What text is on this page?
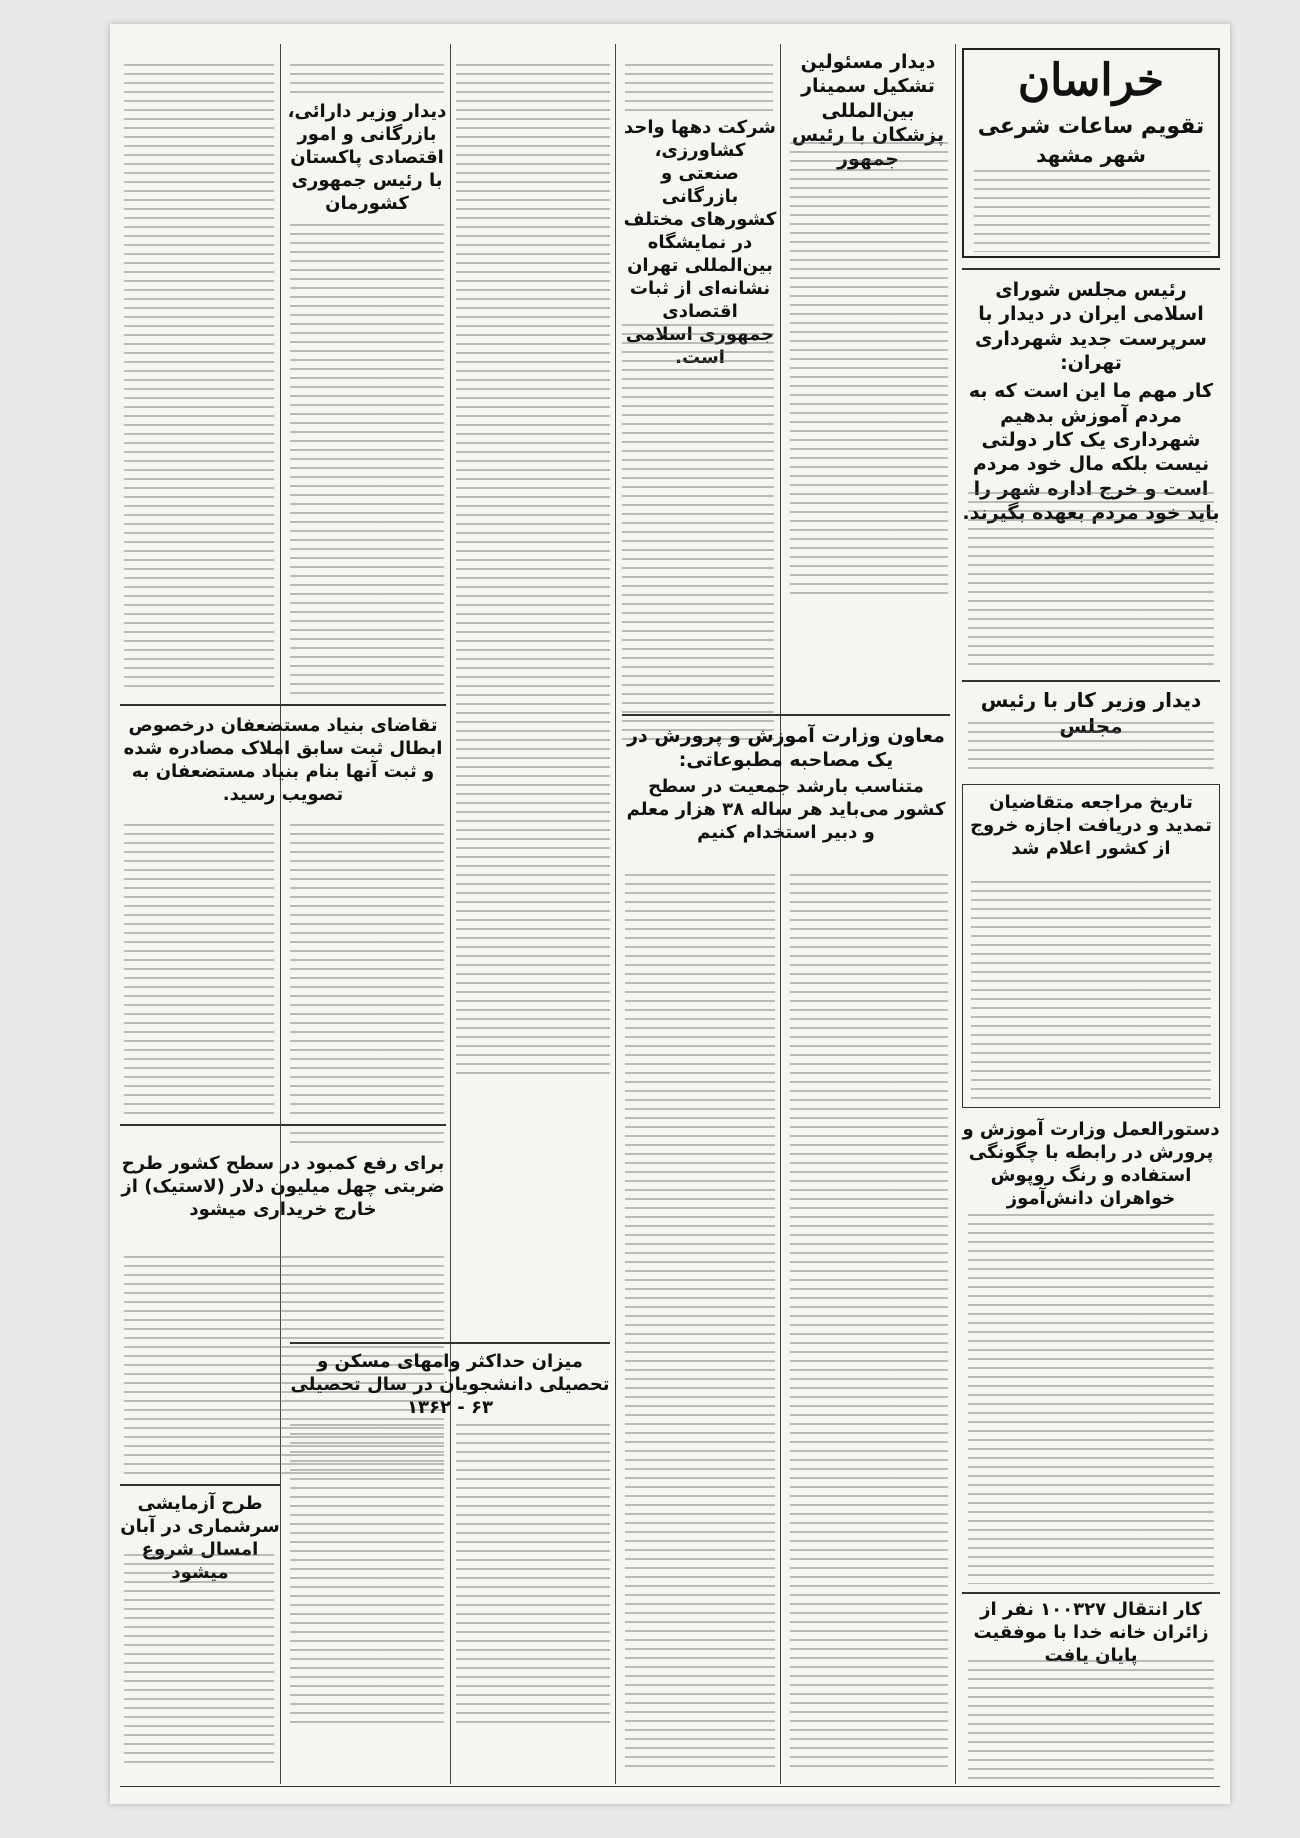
خراسان
تقویم ساعات شرعی
شهر مشهد
دیدار مسئولین تشکیل سمینار بین‌المللی پزشکان با رئیس جمهور
شرکت دهها واحد کشاورزی، صنعتی و بازرگانی کشورهای مختلف در نمایشگاه بین‌المللی تهران نشانه‌ای از ثبات اقتصادی جمهوری اسلامی است.
دیدار وزیر دارائی، بازرگانی و امور اقتصادی پاکستان با رئیس جمهوری کشورمان
رئیس مجلس شورای اسلامی ایران در دیدار با سرپرست جدید شهرداری تهران:
کار مهم ما این است که به مردم آموزش بدهیم شهرداری یک کار دولتی نیست بلکه مال خود مردم است و خرج اداره شهر را باید خود مردم بعهده بگیرند.
دیدار وزیر کار با رئیس مجلس
تاریخ مراجعه متقاضیان تمدید و دریافت اجازه خروج از کشور اعلام شد
دستورالعمل وزارت آموزش و پرورش در رابطه با چگونگی استفاده و رنگ روپوش خواهران دانش‌آموز
کار انتقال ۱۰۰۳۲۷ نفر از زائران خانه خدا با موفقیت پایان یافت
تقاضای بنیاد مستضعفان درخصوص ابطال ثبت سابق املاک مصادره شده و ثبت آنها بنام بنیاد مستضعفان به تصویب رسید.
معاون وزارت آموزش و پرورش در یک مصاحبه مطبوعاتی:
متناسب بارشد جمعیت در سطح کشور می‌باید هر ساله ۳۸ هزار معلم و دبیر استخدام کنیم
برای رفع کمبود در سطح کشور طرح ضربتی چهل میلیون دلار (لاستیک) از خارج خریداری میشود
میزان حداکثر وامهای مسکن و تحصیلی دانشجویان در سال تحصیلی ۶۳ - ۱۳۶۲
طرح آزمایشی سرشماری در آبان امسال شروع میشود
